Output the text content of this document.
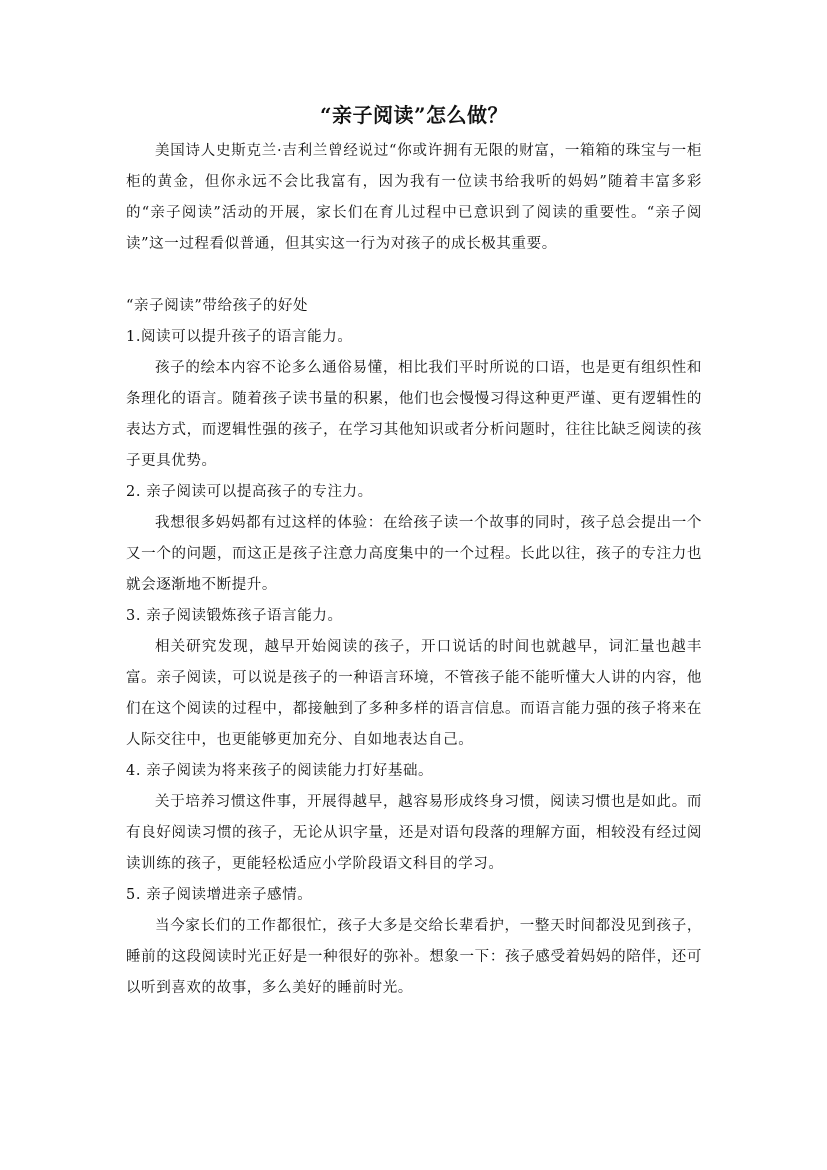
“亲子阅读”怎么做？

美国诗人史斯克兰·吉利兰曾经说过“你或许拥有无限的财富，一箱箱的珠宝与一柜柜的黄金，但你永远不会比我富有，因为我有一位读书给我听的妈妈”随着丰富多彩的“亲子阅读”活动的开展，家长们在育儿过程中已意识到了阅读的重要性。“亲子阅读”这一过程看似普通，但其实这一行为对孩子的成长极其重要。

“亲子阅读”带给孩子的好处

1.阅读可以提升孩子的语言能力。

孩子的绘本内容不论多么通俗易懂，相比我们平时所说的口语，也是更有组织性和条理化的语言。随着孩子读书量的积累，他们也会慢慢习得这种更严谨、更有逻辑性的表达方式，而逻辑性强的孩子，在学习其他知识或者分析问题时，往往比缺乏阅读的孩子更具优势。

2. 亲子阅读可以提高孩子的专注力。

我想很多妈妈都有过这样的体验：在给孩子读一个故事的同时，孩子总会提出一个又一个的问题，而这正是孩子注意力高度集中的一个过程。长此以往，孩子的专注力也就会逐渐地不断提升。

3. 亲子阅读锻炼孩子语言能力。

相关研究发现，越早开始阅读的孩子，开口说话的时间也就越早，词汇量也越丰富。亲子阅读，可以说是孩子的一种语言环境，不管孩子能不能听懂大人讲的内容，他们在这个阅读的过程中，都接触到了多种多样的语言信息。而语言能力强的孩子将来在人际交往中，也更能够更加充分、自如地表达自己。

4. 亲子阅读为将来孩子的阅读能力打好基础。

关于培养习惯这件事，开展得越早，越容易形成终身习惯，阅读习惯也是如此。而有良好阅读习惯的孩子，无论从识字量，还是对语句段落的理解方面，相较没有经过阅读训练的孩子，更能轻松适应小学阶段语文科目的学习。

5. 亲子阅读增进亲子感情。

当今家长们的工作都很忙，孩子大多是交给长辈看护，一整天时间都没见到孩子，睡前的这段阅读时光正好是一种很好的弥补。想象一下：孩子感受着妈妈的陪伴，还可以听到喜欢的故事，多么美好的睡前时光。
